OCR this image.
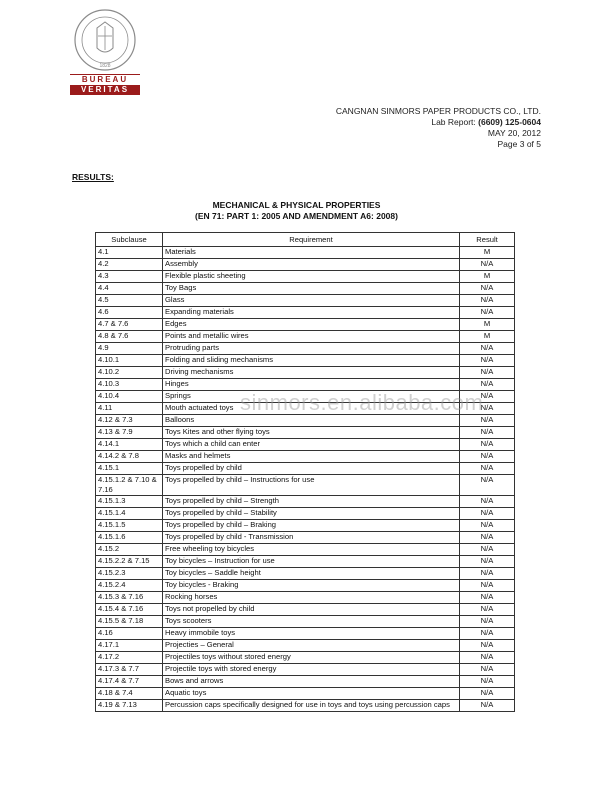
1828
BUREAU
VERITAS
CANGNAN SINMORS PAPER PRODUCTS CO., LTD.
Lab Report: (6609) 125-0604
MAY 20, 2012
Page 3 of 5
RESULTS:
MECHANICAL & PHYSICAL PROPERTIES
(EN 71: PART 1: 2005 AND AMENDMENT A6: 2008)
Subclause	Requirement	Result
4.1	Materials	M
4.2	Assembly	N/A
4.3	Flexible plastic sheeting	M
4.4	Toy Bags	N/A
4.5	Glass	N/A
4.6	Expanding materials	N/A
4.7 & 7.6	Edges	M
4.8 & 7.6	Points and metallic wires	M
4.9	Protruding parts	N/A
4.10.1	Folding and sliding mechanisms	N/A
4.10.2	Driving mechanisms	N/A
4.10.3	Hinges	N/A
4.10.4	Springs	N/A
4.11	Mouth actuated toys	N/A
4.12 & 7.3	Balloons	N/A
4.13 & 7.9	Toys Kites and other flying toys	N/A
4.14.1	Toys which a child can enter	N/A
4.14.2 & 7.8	Masks and helmets	N/A
4.15.1	Toys propelled by child	N/A
4.15.1.2 & 7.10 & 7.16	Toys propelled by child – Instructions for use	N/A
4.15.1.3	Toys propelled by child – Strength	N/A
4.15.1.4	Toys propelled by child – Stability	N/A
4.15.1.5	Toys propelled by child – Braking	N/A
4.15.1.6	Toys propelled by child - Transmission	N/A
4.15.2	Free wheeling toy bicycles	N/A
4.15.2.2 & 7.15	Toy bicycles – Instruction for use	N/A
4.15.2.3	Toy bicycles – Saddle height	N/A
4.15.2.4	Toy bicycles - Braking	N/A
4.15.3 & 7.16	Rocking horses	N/A
4.15.4 & 7.16	Toys not propelled by child	N/A
4.15.5 & 7.18	Toys scooters	N/A
4.16	Heavy immobile toys	N/A
4.17.1	Projecties – General	N/A
4.17.2	Projectiles toys without stored energy	N/A
4.17.3 & 7.7	Projectile toys with stored energy	N/A
4.17.4 & 7.7	Bows and arrows	N/A
4.18 & 7.4	Aquatic toys	N/A
4.19 & 7.13	Percussion caps specifically designed for use in toys and toys using percussion caps	N/A
sinmors.en.alibaba.com
